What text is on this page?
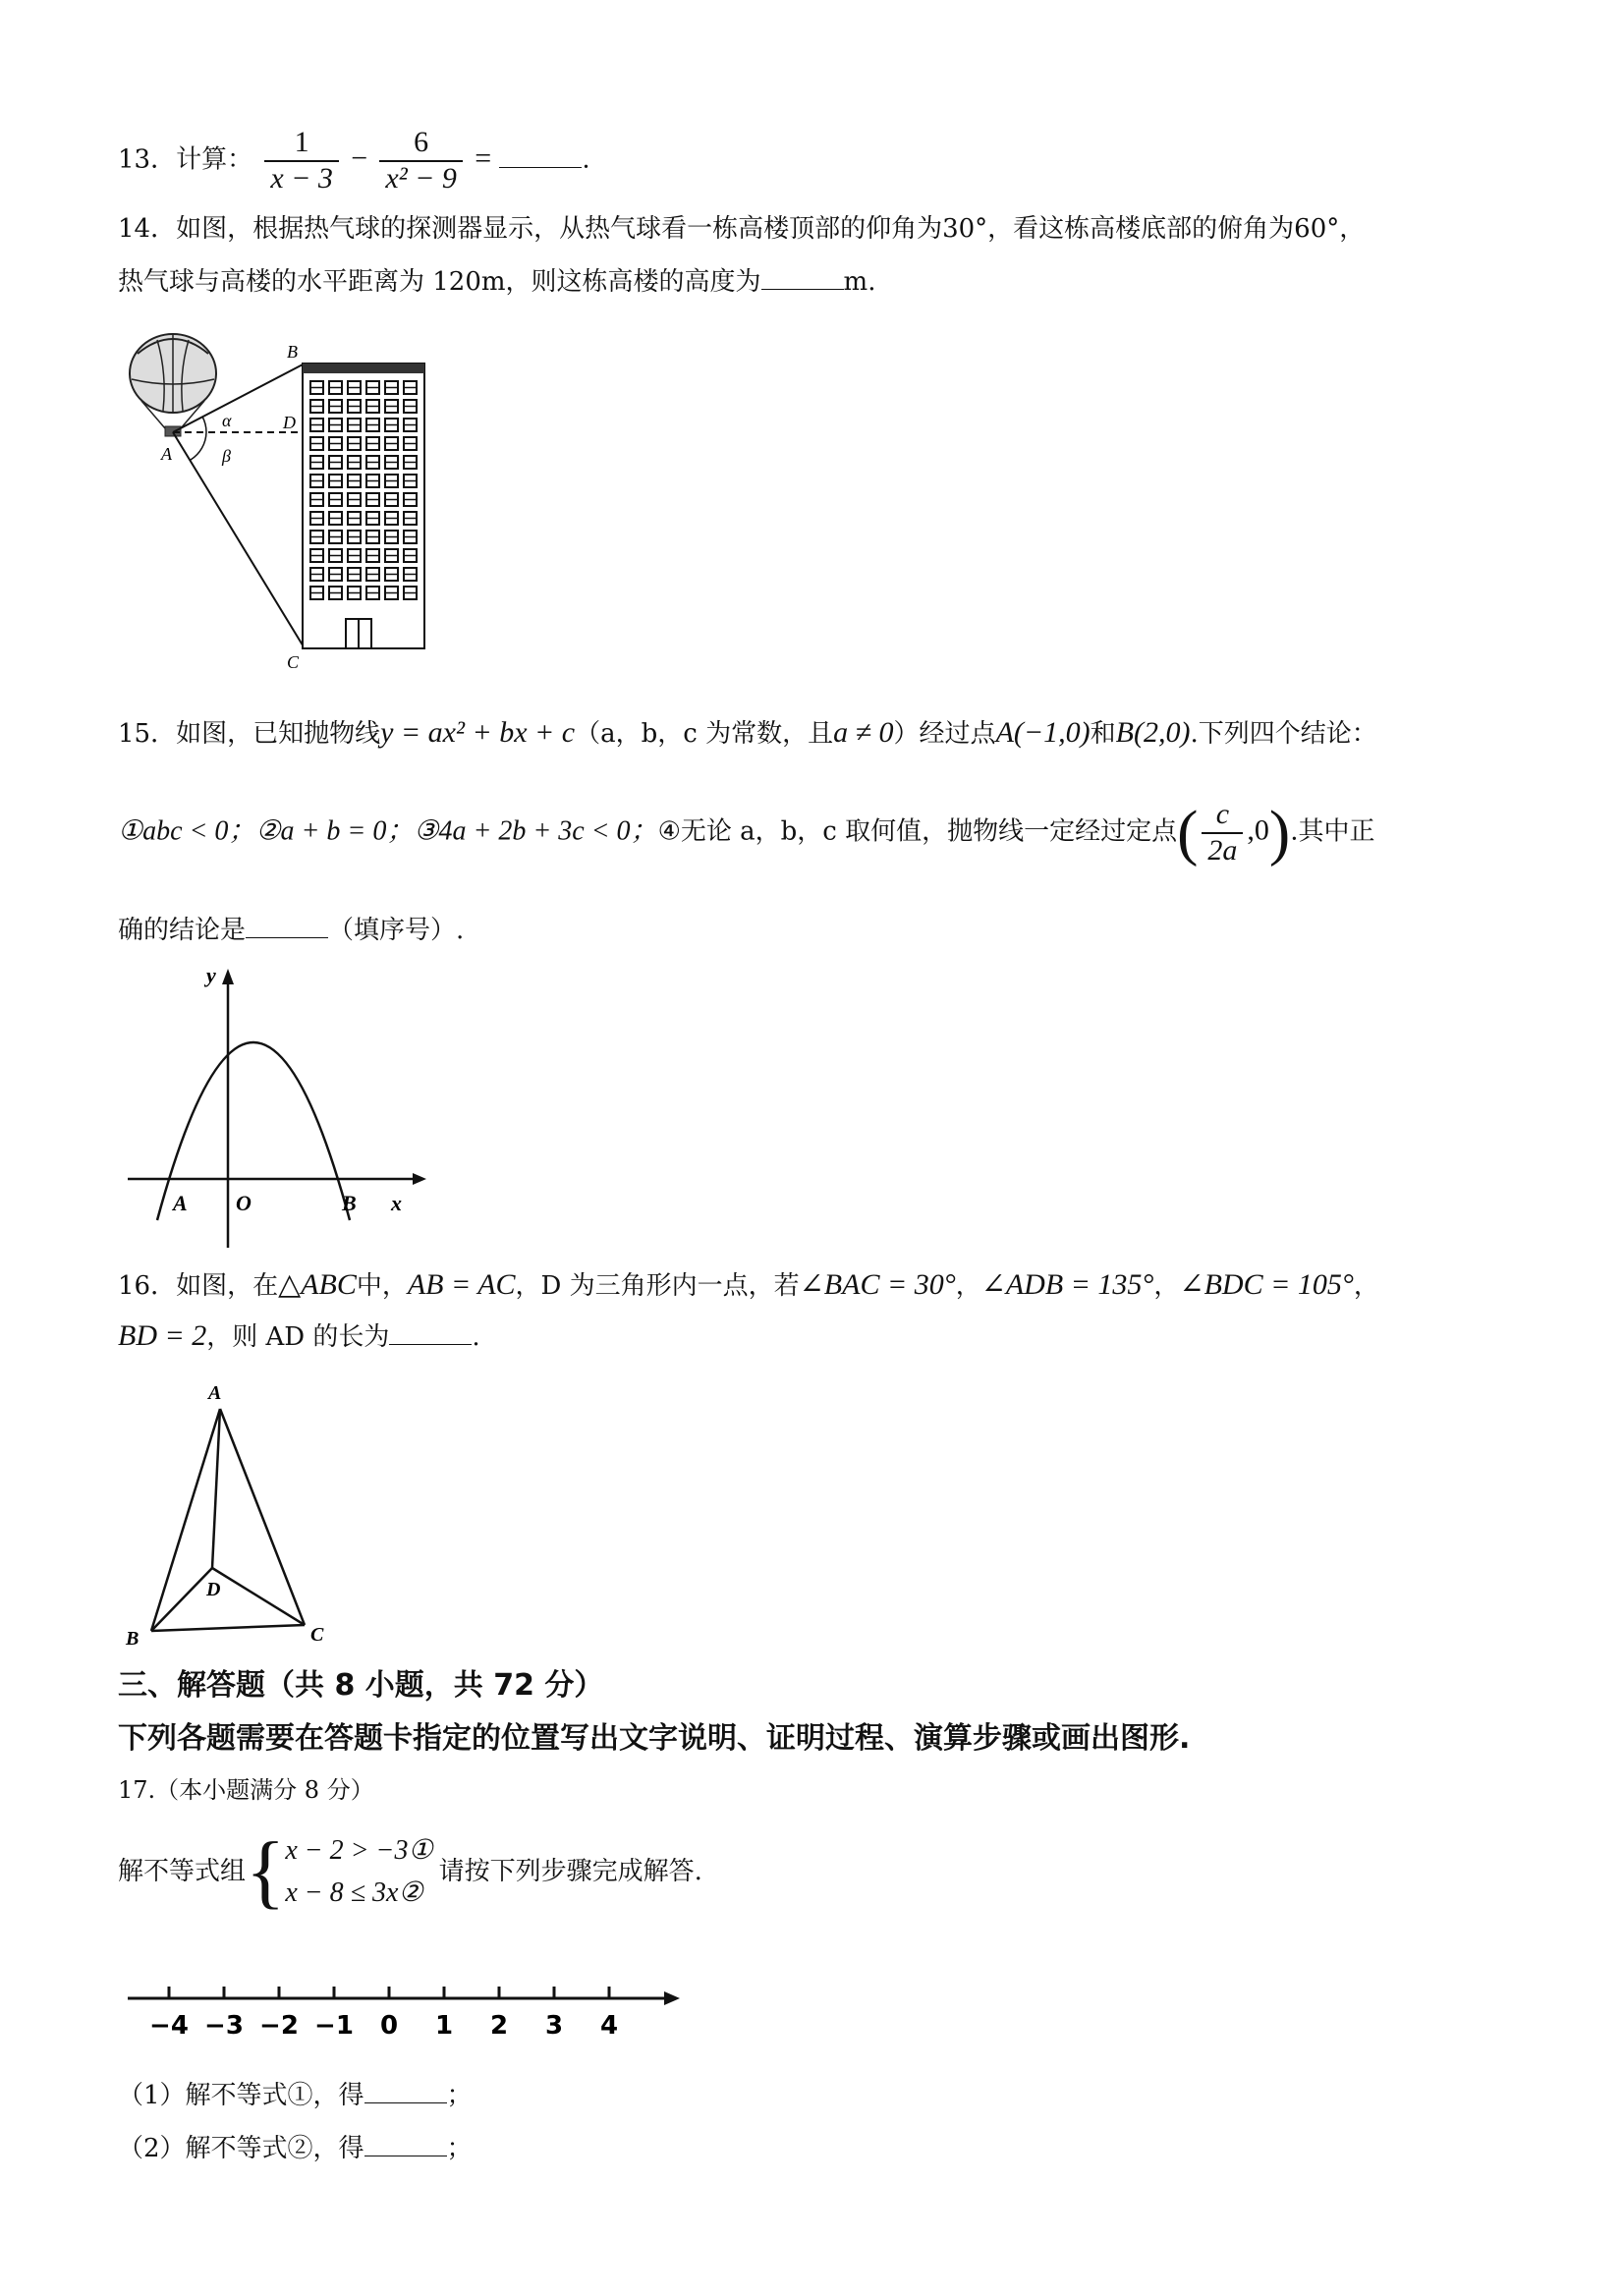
13．计算： $\frac{1}{x - 3} - \frac{6}{\text{x² − 9}}$ =	.
14．如图，根据热气球的探测器显示，从热气球看一栋高楼顶部的仰角为30°，看这栋高楼底部的俯角为60°，
热气球与高楼的水平距离为 120m，则这栋高楼的高度为	m.
B
D
A
C
α
β
15．如图，已知抛物线y = ax² + bx + c（a，b，c 为常数，且a ≠ 0）经过点A(−1,0)和B(2,0).下列四个结论：
①abc < 0；②a + b = 0；③4a + 2b + 3c < 0；④无论 a，b，c 取何值，抛物线一定经过定点( $\frac{c}{2a} ,0$).其中正
确的结论是	（填序号）.
y
x
A O	B
16．如图，在△ABC中，AB = AC，D 为三角形内一点，若∠BAC = 30°，∠ADB = 135°，∠BDC = 105°，
BD = 2，则 AD 的长为	.
A
D
B	C
三、解答题（共 8 小题，共 72 分）
下列各题需要在答题卡指定的位置写出文字说明、证明过程、演算步骤或画出图形.
17.（本小题满分 8 分）
解不等式组{ x − 2 > −3①
x − 8 ≤ 3x②
请按下列步骤完成解答.
−4 −3 −2 −1 0 1 2 3 4
（1）解不等式①，得	；
（2）解不等式②，得	；
